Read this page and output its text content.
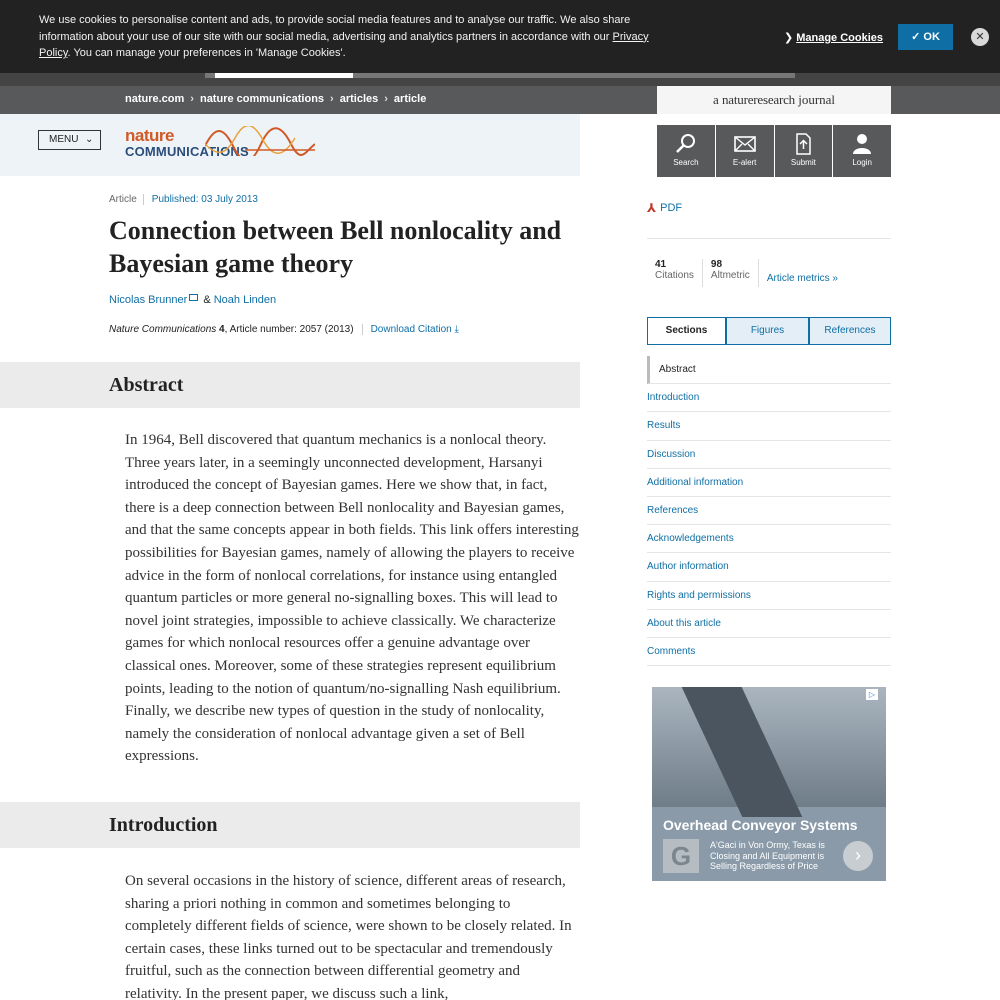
We use cookies to personalise content and ads, to provide social media features and to analyse our traffic. We also share information about your use of our site with our social media, advertising and analytics partners in accordance with our Privacy Policy. You can manage your preferences in 'Manage Cookies'.
❯ Manage Cookies	✓ OK	✕
nature.com › nature communications › articles › article	a natureresearch journal
MENU ⌄ nature
COMMUNICATIONS
Search	E-alert	Submit	Login
Article Published: 03 July 2013
Connection between Bell nonlocality and Bayesian game theory
Nicolas Brunner & Noah Linden
Nature Communications 4, Article number: 2057 (2013) Download Citation ⤓
Abstract

In 1964, Bell discovered that quantum mechanics is a nonlocal theory. Three years later, in a seemingly unconnected development, Harsanyi introduced the concept of Bayesian games. Here we show that, in fact, there is a deep connection between Bell nonlocality and Bayesian games, and that the same concepts appear in both fields. This link offers interesting possibilities for Bayesian games, namely of allowing the players to receive advice in the form of nonlocal correlations, for instance using entangled quantum particles or more general no-signalling boxes. This will lead to novel joint strategies, impossible to achieve classically. We characterize games for which nonlocal resources offer a genuine advantage over classical ones. Moreover, some of these strategies represent equilibrium points, leading to the notion of quantum/no-signalling Nash equilibrium. Finally, we describe new types of question in the study of nonlocality, namely the consideration of nonlocal advantage given a set of Bell expressions.

Introduction

On several occasions in the history of science, different areas of research, sharing a priori nothing in common and sometimes belonging to completely different fields of science, were shown to be closely related. In certain cases, these links turned out to be spectacular and tremendously fruitful, such as the connection between differential geometry and relativity. In the present paper, we discuss such a link,

⅄ PDF
41
Citations
98
Altmetric	Article metrics »
Sections	Figures	References
Abstract
Introduction
Results
Discussion
Additional information
References
Acknowledgements
Author information
Rights and permissions
About this article
Comments
▷
Overhead Conveyor Systems
G	A'Gaci in Von Ormy, Texas is Closing and All Equipment is Selling Regardless of Price
›
